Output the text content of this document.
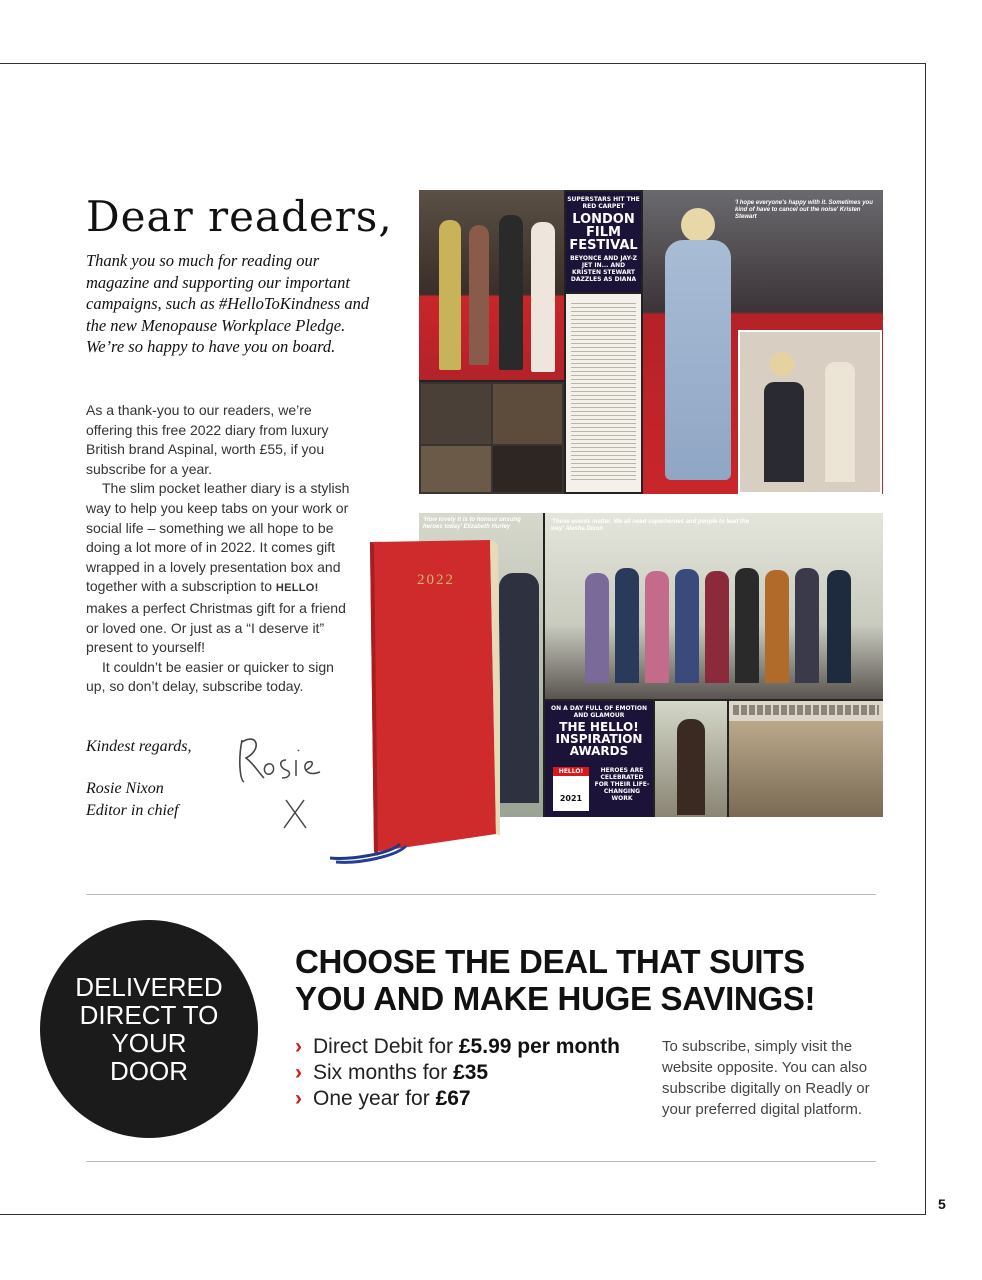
5
Dear readers,
Thank you so much for reading our magazine and supporting our important campaigns, such as #HelloToKindness and the new Menopause Workplace Pledge. We’re so happy to have you on board.

As a thank-you to our readers, we’re offering this free 2022 diary from luxury British brand Aspinal, worth £55, if you subscribe for a year.

The slim pocket leather diary is a stylish way to help you keep tabs on your work or social life – something we all hope to be doing a lot more of in 2022. It comes gift wrapped in a lovely presentation box and together with a subscription to HELLO! makes a perfect Christmas gift for a friend or loved one. Or just as a “I deserve it” present to yourself!

It couldn’t be easier or quicker to sign up, so don’t delay, subscribe today.

Kindest regards,
Rosie Nixon
Editor in chief
SUPERSTARS HIT THE RED CARPET
LONDON FILM FESTIVAL
BEYONCE AND JAY-Z JET IN... AND KRISTEN STEWART DAZZLES AS DIANA
'I hope everyone's happy with it. Sometimes you kind of have to cancel out the noise' Kristen Stewart
'How lovely it is to honour unsung heroes today' Elizabeth Hurley
'These events matter. We all need superheroes and people to lead the way' Alesha Dixon
ON A DAY FULL OF EMOTION AND GLAMOUR
THE HELLO! INSPIRATION AWARDS
HELLO!
2021
HEROES ARE CELEBRATED FOR THEIR LIFE-CHANGING WORK
2022
DELIVERED DIRECT TO YOUR DOOR
CHOOSE THE DEAL THAT SUITS YOU AND MAKE HUGE SAVINGS!
› Direct Debit for £5.99 per month
› Six months for £35
› One year for £67
To subscribe, simply visit the website opposite. You can also subscribe digitally on Readly or your preferred digital platform.
